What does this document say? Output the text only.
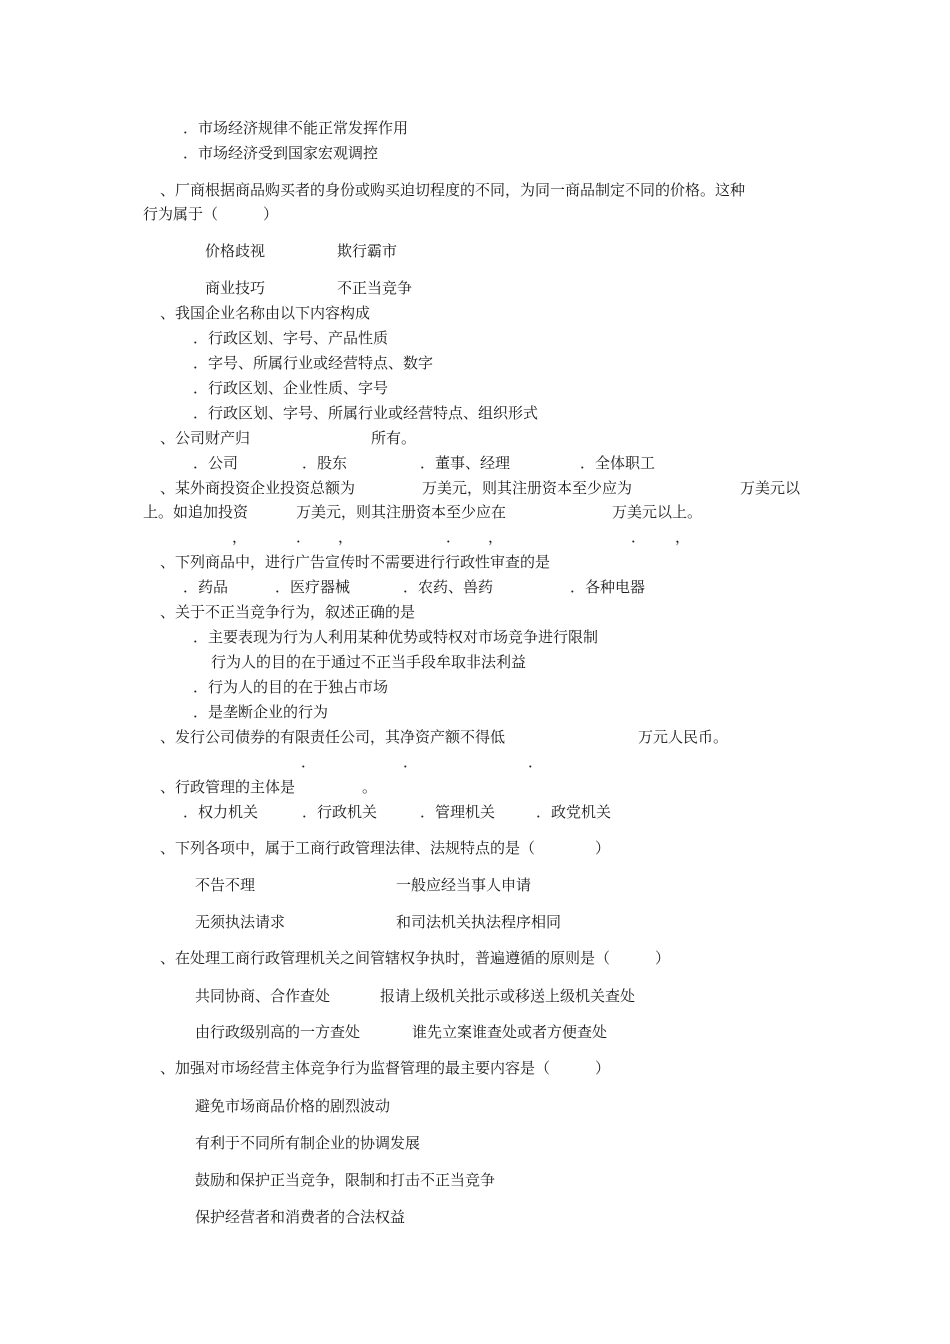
．市场经济规律不能正常发挥作用
．市场经济受到国家宏观调控
、厂商根据商品购买者的身份或购买迫切程度的不同，为同一商品制定不同的价格。这种
行为属于（　　　）
价格歧视	欺行霸市
商业技巧	不正当竞争
、我国企业名称由以下内容构成
．行政区划、字号、产品性质
．字号、所属行业或经营特点、数字
．行政区划、企业性质、字号
．行政区划、字号、所属行业或经营特点、组织形式
、公司财产归	所有。
．公司	．股东	．董事、经理	．全体职工
、某外商投资企业投资总额为	万美元，则其注册资本至少应为	万美元以
上。如追加投资	万美元，则其注册资本至少应在	万美元以上。
，	． ，	． ，	． ，
、下列商品中，进行广告宣传时不需要进行行政性审查的是
．药品	．医疗器械	．农药、兽药	．各种电器
、关于不正当竞争行为，叙述正确的是
．主要表现为行为人利用某种优势或特权对市场竞争进行限制
行为人的目的在于通过不正当手段牟取非法利益
．行为人的目的在于独占市场
．是垄断企业的行为
、发行公司债券的有限责任公司，其净资产额不得低	万元人民币。
．	．	．
、行政管理的主体是	。
．权力机关	．行政机关	．管理机关	．政党机关
、下列各项中，属于工商行政管理法律、法规特点的是（　　　　）
不告不理	一般应经当事人申请
无须执法请求	和司法机关执法程序相同
、在处理工商行政管理机关之间管辖权争执时，普遍遵循的原则是（　　　）
共同协商、合作查处	报请上级机关批示或移送上级机关查处
由行政级别高的一方查处	谁先立案谁查处或者方便查处
、加强对市场经营主体竞争行为监督管理的最主要内容是（　　　）
避免市场商品价格的剧烈波动
有利于不同所有制企业的协调发展
鼓励和保护正当竞争，限制和打击不正当竞争
保护经营者和消费者的合法权益
